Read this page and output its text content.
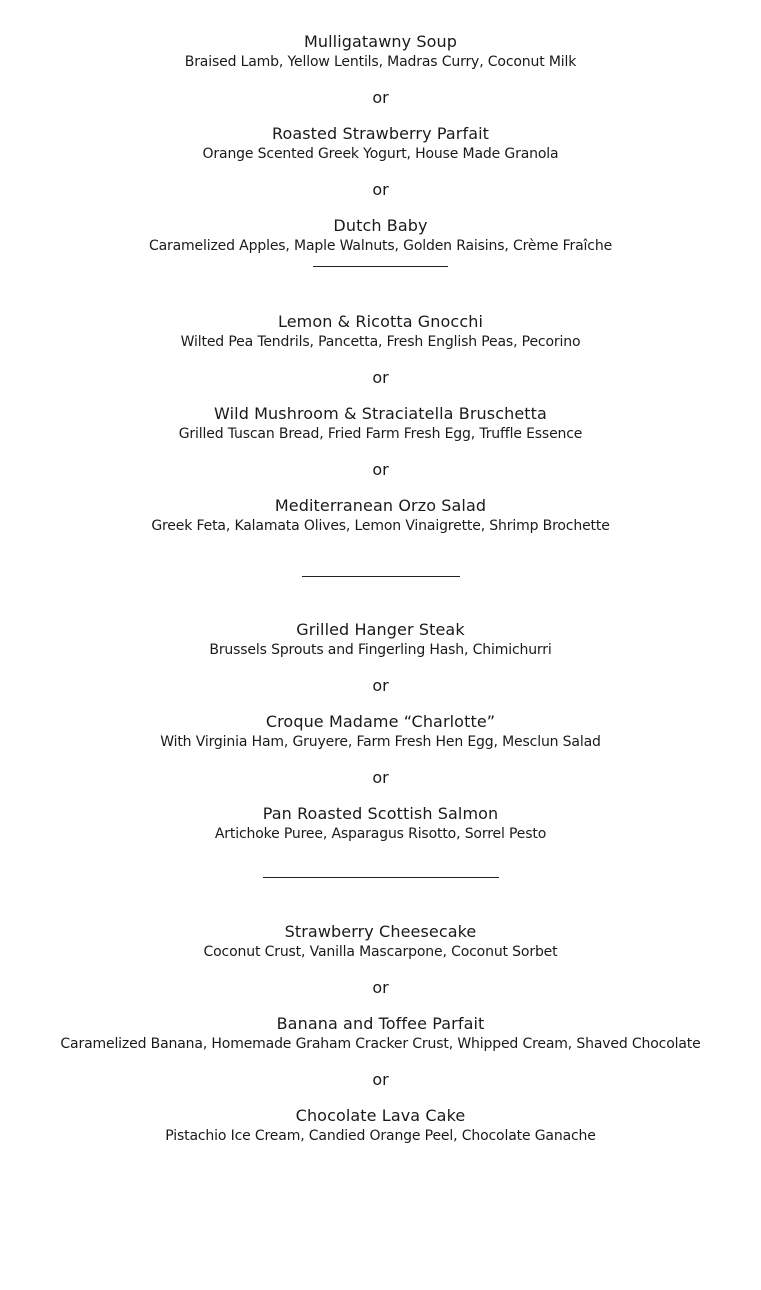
Mulligatawny Soup
Braised Lamb, Yellow Lentils, Madras Curry, Coconut Milk
or
Roasted Strawberry Parfait
Orange Scented Greek Yogurt, House Made Granola
or
Dutch Baby
Caramelized Apples, Maple Walnuts, Golden Raisins, Crème Fraîche
Lemon & Ricotta Gnocchi
Wilted Pea Tendrils, Pancetta, Fresh English Peas, Pecorino
or
Wild Mushroom & Straciatella Bruschetta
Grilled Tuscan Bread, Fried Farm Fresh Egg, Truffle Essence
or
Mediterranean Orzo Salad
Greek Feta, Kalamata Olives, Lemon Vinaigrette, Shrimp Brochette
Grilled Hanger Steak
Brussels Sprouts and Fingerling Hash, Chimichurri
or
Croque Madame “Charlotte”
With Virginia Ham, Gruyere, Farm Fresh Hen Egg, Mesclun Salad
or
Pan Roasted Scottish Salmon
Artichoke Puree, Asparagus Risotto, Sorrel Pesto
Strawberry Cheesecake
Coconut Crust, Vanilla Mascarpone, Coconut Sorbet
or
Banana and Toffee Parfait
Caramelized Banana, Homemade Graham Cracker Crust, Whipped Cream, Shaved Chocolate
or
Chocolate Lava Cake
Pistachio Ice Cream, Candied Orange Peel, Chocolate Ganache
